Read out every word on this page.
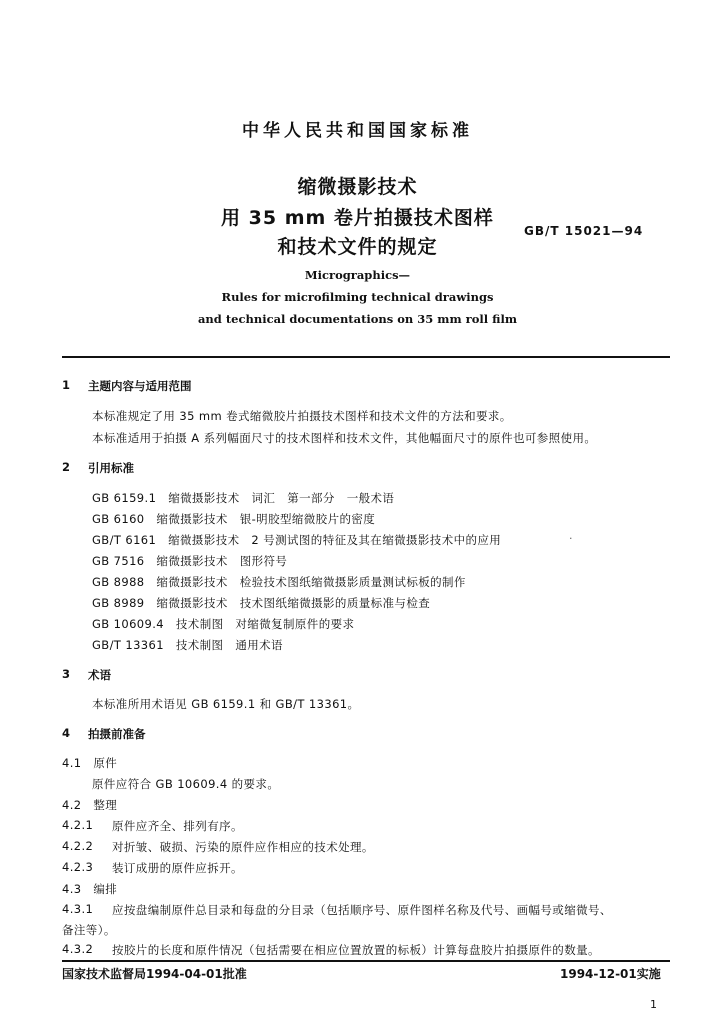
中华人民共和国国家标准
缩微摄影技术
用 35 mm 卷片拍摄技术图样
和技术文件的规定
GB/T 15021—94
Micrographics—
Rules for microfilming technical drawings
and technical documentations on 35 mm roll film
1 主题内容与适用范围
本标准规定了用 35 mm 卷式缩微胶片拍摄技术图样和技术文件的方法和要求。
本标准适用于拍摄 A 系列幅面尺寸的技术图样和技术文件，其他幅面尺寸的原件也可参照使用。
2 引用标准
GB 6159.1　缩微摄影技术　词汇　第一部分　一般术语
GB 6160　缩微摄影技术　银-明胶型缩微胶片的密度
GB/T 6161　缩微摄影技术　2 号测试图的特征及其在缩微摄影技术中的应用	·
GB 7516　缩微摄影技术　图形符号
GB 8988　缩微摄影技术　检验技术图纸缩微摄影质量测试标板的制作
GB 8989　缩微摄影技术　技术图纸缩微摄影的质量标准与检查
GB 10609.4　技术制图　对缩微复制原件的要求
GB/T 13361　技术制图　通用术语
3 术语
本标准所用术语见 GB 6159.1 和 GB/T 13361。
4 拍摄前准备
4.1　原件
原件应符合 GB 10609.4 的要求。
4.2　整理
4.2.1 原件应齐全、排列有序。
4.2.2 对折皱、破损、污染的原件应作相应的技术处理。
4.2.3 装订成册的原件应拆开。
4.3　编排
4.3.1 应按盘编制原件总目录和每盘的分目录（包括顺序号、原件图样名称及代号、画幅号或缩微号、
备注等）。
4.3.2 按胶片的长度和原件情况（包括需要在相应位置放置的标板）计算每盘胶片拍摄原件的数量。
国家技术监督局1994-04-01批准	1994-12-01实施
1
